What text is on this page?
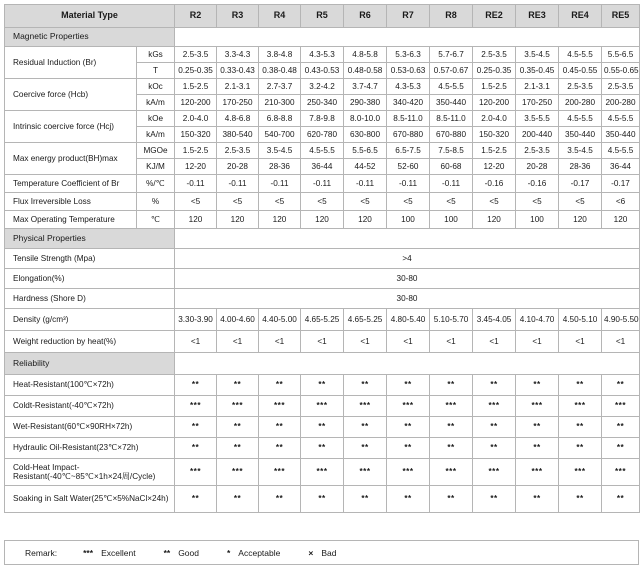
Material Type		R2	R3	R4	R5	R6	R7	R8	RE2	RE3	RE4	RE5
Magnetic Properties												
Residual Induction (Br)	kGs	2.5-3.5	3.3-4.3	3.8-4.8	4.3-5.3	4.8-5.8	5.3-6.3	5.7-6.7	2.5-3.5	3.5-4.5	4.5-5.5	5.5-6.5
	T	0.25-0.35	0.33-0.43	0.38-0.48	0.43-0.53	0.48-0.58	0.53-0.63	0.57-0.67	0.25-0.35	0.35-0.45	0.45-0.55	0.55-0.65
Coercive force (Hcb)	kOc	1.5-2.5	2.1-3.1	2.7-3.7	3.2-4.2	3.7-4.7	4.3-5.3	4.5-5.5	1.5-2.5	2.1-3.1	2.5-3.5	2.5-3.5
	kA/m	120-200	170-250	210-300	250-340	290-380	340-420	350-440	120-200	170-250	200-280	200-280
Intrinsic coercive force (Hcj)	kOe	2.0-4.0	4.8-6.8	6.8-8.8	7.8-9.8	8.0-10.0	8.5-11.0	8.5-11.0	2.0-4.0	3.5-5.5	4.5-5.5	4.5-5.5
	kA/m	150-320	380-540	540-700	620-780	630-800	670-880	670-880	150-320	200-440	350-440	350-440
Max energy product(BH)max	MGOe	1.5-2.5	2.5-3.5	3.5-4.5	4.5-5.5	5.5-6.5	6.5-7.5	7.5-8.5	1.5-2.5	2.5-3.5	3.5-4.5	4.5-5.5
	KJ/M	12-20	20-28	28-36	36-44	44-52	52-60	60-68	12-20	20-28	28-36	36-44
Temperature Coefficient of Br	%/℃	-0.11	-0.11	-0.11	-0.11	-0.11	-0.11	-0.11	-0.16	-0.16	-0.17	-0.17
Flux Irreversible Loss	%	<5	<5	<5	<5	<5	<5	<5	<5	<5	<5	<6
Max Operating Temperature	℃	120	120	120	120	120	100	100	120	100	120	120
Physical Properties												
Tensile Strength (Mpa)		>4										
Elongation(%)		30-80										
Hardness (Shore D)		30-80										
Density (g/cm³)		3.30-3.90	4.00-4.60	4.40-5.00	4.65-5.25	4.65-5.25	4.80-5.40	5.10-5.70	3.45-4.05	4.10-4.70	4.50-5.10	4.90-5.50
Weight reduction by heat(%)		<1	<1	<1	<1	<1	<1	<1	<1	<1	<1	<1
Reliability												
Heat-Resistant(100℃×72h)		**	**	**	**	**	**	**	**	**	**	**
Coldt-Resistant(-40℃×72h)		***	***	***	***	***	***	***	***	***	***	***
Wet-Resistant(60℃×90RH×72h)		**	**	**	**	**	**	**	**	**	**	**
Hydraulic Oil-Resistant(23℃×72h)		**	**	**	**	**	**	**	**	**	**	**
Cold-Heat Impact-Resistant(-40℃~85℃×1h×24周/Cycle)		***	***	***	***	***	***	***	***	***	***	***
Soaking in Salt Water(25℃×5%NaCl×24h)		**	**	**	**	**	**	**	**	**	**	**
Remark:	*** Excellent	** Good	* Acceptable	× Bad
